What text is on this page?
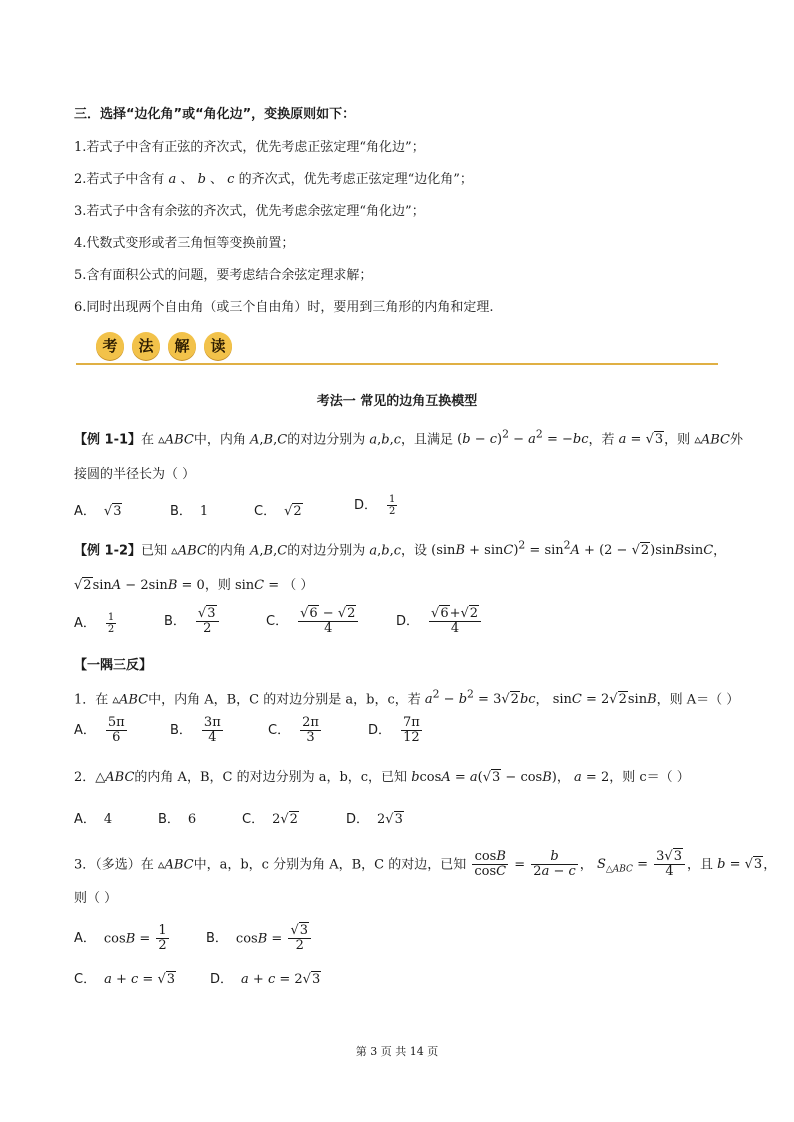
三．选择“边化角”或“角化边”，变换原则如下：
1.若式子中含有正弦的齐次式，优先考虑正弦定理“角化边”；
2.若式子中含有 a 、 b 、 c 的齐次式，优先考虑正弦定理“边化角”；
3.若式子中含有余弦的齐次式，优先考虑余弦定理“角化边”；
4.代数式变形或者三角恒等变换前置；
5.含有面积公式的问题，要考虑结合余弦定理求解；
6.同时出现两个自由角（或三个自由角）时，要用到三角形的内角和定理.
考	法	解	读
考法一 常见的边角互换模型
【例 1-1】在 ▵ABC中，内角 A,B,C的对边分别为 a,b,c，且满足 $(b - c)^2 - a^2 = -bc$，若 a = √3，则 ▵ABC外
接圆的半径长为（ ）
A． √3	B． 1	C． √2	D． $\frac{1}{2}$
【例 1-2】已知 ▵ABC的内角 A,B,C的对边分别为 a,b,c，设 $(\sin B + \sin C)^2 = \sin^2A + (2$ − √2)sinBsinC，
√2sinA − 2sinB = 0，则 sinC = （ ）
A． $\frac{1}{2}$	B． $\frac{√3}{2}$	C． $\frac{√6 - √2}{4}$	D． $\frac{√6+√2}{4}$
【一隅三反】
1．在 ▵ABC中，内角 A，B，C 的对边分别是 a，b，c，若 $a^2 - b^2 = 3√2bc$， sinC = 2√2sinB，则 A＝（ ）
A． $\frac{5\pi}{6}$	B． $\frac{3\pi}{4}$	C． $\frac{2\pi}{3}$	D． $\frac{7\pi}{12}$
2．△ABC的内角 A，B，C 的对边分别为 a，b，c，已知 bcosA = a(√3 − cosB)， a = 2，则 c＝（ ）
A． 4	B． 6	C． 2√2	D． 2√3
3．（多选）在 ▵ABC中，a，b，c 分别为角 A，B，C 的对边，已知 $\frac{\cos B}{\cos C} = \frac{b}{2a - c}$ ， $S_{\triangle ABC} = \frac{3√3}{4}$ ，且 b = √3，
则（ ）
A． $\cos B = \frac{1}{2}$	B． $\cos B = \frac{√3}{2}$
C． a + c = √3	D． a + c = 2√3
第 3 页 共 14 页
